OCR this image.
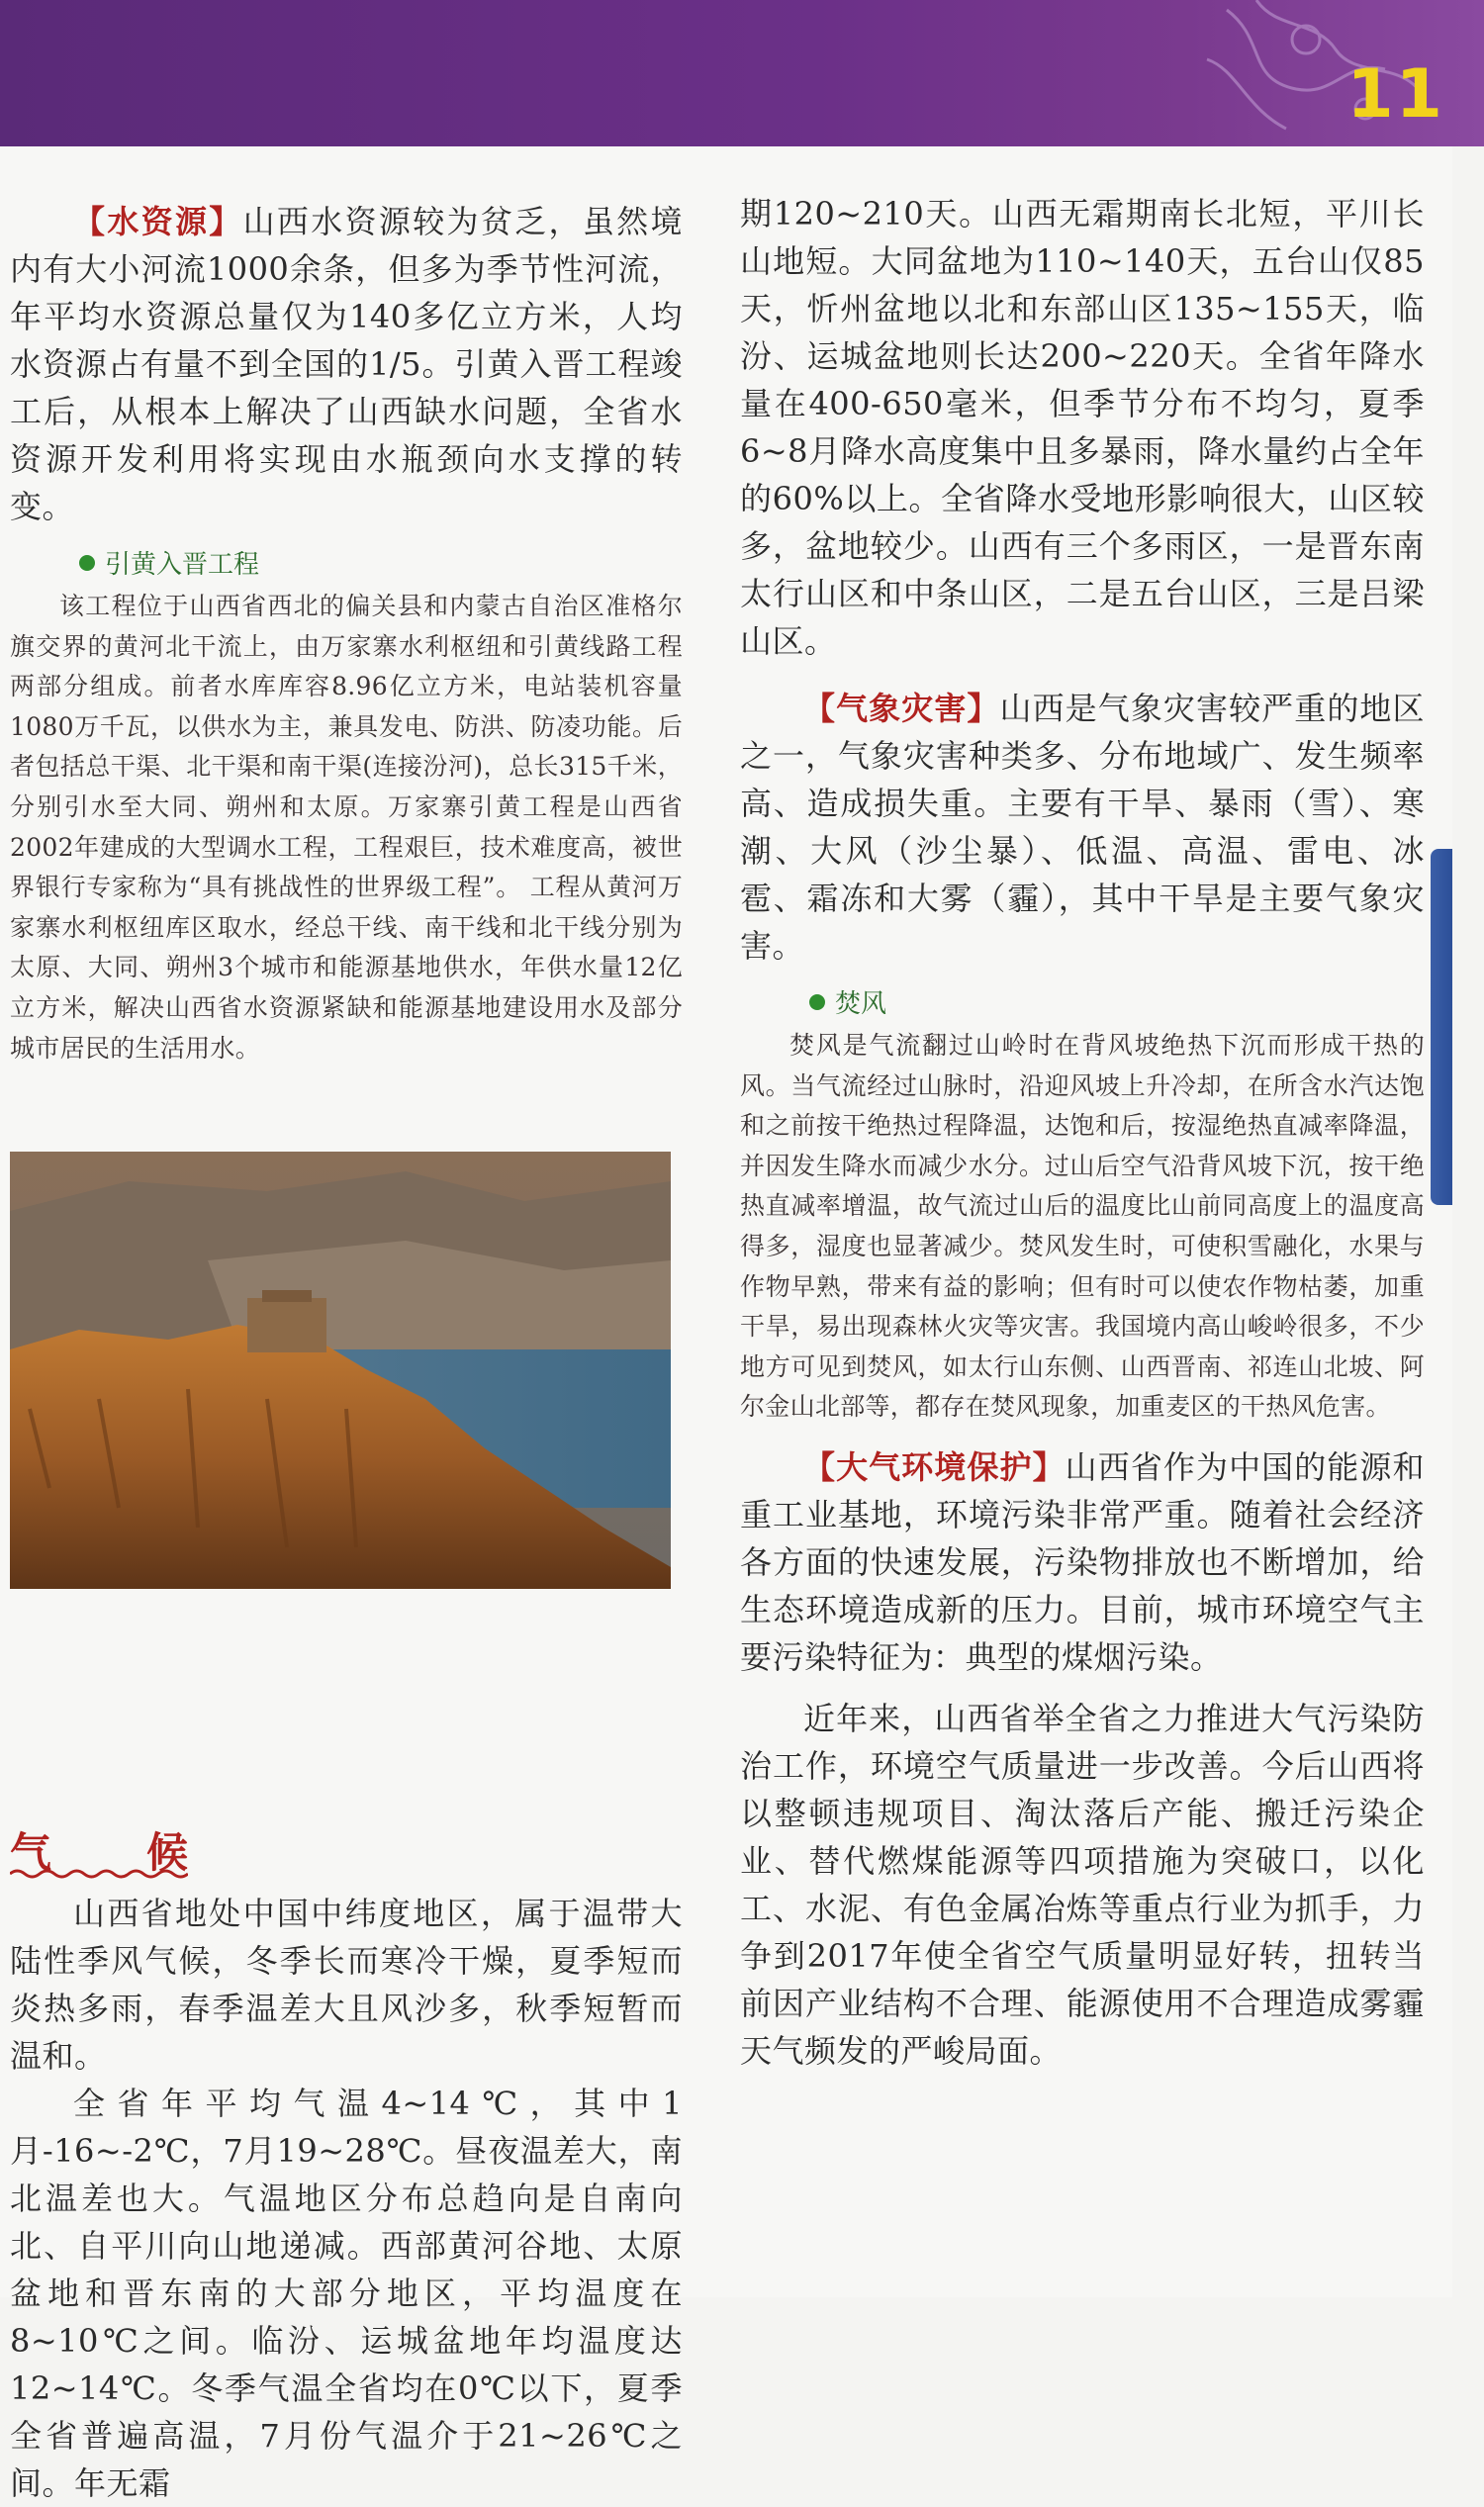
11

【水资源】山西水资源较为贫乏，虽然境内有大小河流1000余条，但多为季节性河流，年平均水资源总量仅为140多亿立方米，人均水资源占有量不到全国的1/5。引黄入晋工程竣工后，从根本上解决了山西缺水问题，全省水资源开发利用将实现由水瓶颈向水支撑的转变。

引黄入晋工程

该工程位于山西省西北的偏关县和内蒙古自治区准格尔旗交界的黄河北干流上，由万家寨水利枢纽和引黄线路工程两部分组成。前者水库库容8.96亿立方米，电站装机容量1080万千瓦，以供水为主，兼具发电、防洪、防凌功能。后者包括总干渠、北干渠和南干渠(连接汾河)，总长315千米，分别引水至大同、朔州和太原。万家寨引黄工程是山西省2002年建成的大型调水工程，工程艰巨，技术难度高，被世界银行专家称为“具有挑战性的世界级工程”。 工程从黄河万家寨水利枢纽库区取水，经总干线、南干线和北干线分别为太原、大同、朔州3个城市和能源基地供水，年供水量12亿立方米，解决山西省水资源紧缺和能源基地建设用水及部分城市居民的生活用水。

气 候

山西省地处中国中纬度地区，属于温带大陆性季风气候，冬季长而寒冷干燥，夏季短而炎热多雨，春季温差大且风沙多，秋季短暂而温和。

全省年平均气温4~14℃，其中1月-16~-2℃，7月19~28℃。昼夜温差大，南北温差也大。气温地区分布总趋向是自南向北、自平川向山地递减。西部黄河谷地、太原盆地和晋东南的大部分地区，平均温度在8~10℃之间。临汾、运城盆地年均温度达12~14℃。冬季气温全省均在0℃以下，夏季全省普遍高温，7月份气温介于21~26℃之间。年无霜

期120~210天。山西无霜期南长北短，平川长山地短。大同盆地为110~140天，五台山仅85天，忻州盆地以北和东部山区135~155天，临汾、运城盆地则长达200~220天。全省年降水量在400-650毫米，但季节分布不均匀，夏季6~8月降水高度集中且多暴雨，降水量约占全年的60%以上。全省降水受地形影响很大，山区较多，盆地较少。山西有三个多雨区，一是晋东南太行山区和中条山区，二是五台山区，三是吕梁山区。

【气象灾害】山西是气象灾害较严重的地区之一，气象灾害种类多、分布地域广、发生频率高、造成损失重。主要有干旱、暴雨（雪）、寒潮、大风（沙尘暴）、低温、高温、雷电、冰雹、霜冻和大雾（霾），其中干旱是主要气象灾害。

焚风

焚风是气流翻过山岭时在背风坡绝热下沉而形成干热的风。当气流经过山脉时，沿迎风坡上升冷却，在所含水汽达饱和之前按干绝热过程降温，达饱和后，按湿绝热直减率降温，并因发生降水而减少水分。过山后空气沿背风坡下沉，按干绝热直减率增温，故气流过山后的温度比山前同高度上的温度高得多，湿度也显著减少。焚风发生时，可使积雪融化，水果与作物早熟，带来有益的影响；但有时可以使农作物枯萎，加重干旱，易出现森林火灾等灾害。我国境内高山峻岭很多，不少地方可见到焚风，如太行山东侧、山西晋南、祁连山北坡、阿尔金山北部等，都存在焚风现象，加重麦区的干热风危害。

【大气环境保护】山西省作为中国的能源和重工业基地，环境污染非常严重。随着社会经济各方面的快速发展，污染物排放也不断增加，给生态环境造成新的压力。目前，城市环境空气主要污染特征为：典型的煤烟污染。

近年来，山西省举全省之力推进大气污染防治工作，环境空气质量进一步改善。今后山西将以整顿违规项目、淘汰落后产能、搬迁污染企业、替代燃煤能源等四项措施为突破口，以化工、水泥、有色金属冶炼等重点行业为抓手，力争到2017年使全省空气质量明显好转，扭转当前因产业结构不合理、能源使用不合理造成雾霾天气频发的严峻局面。
